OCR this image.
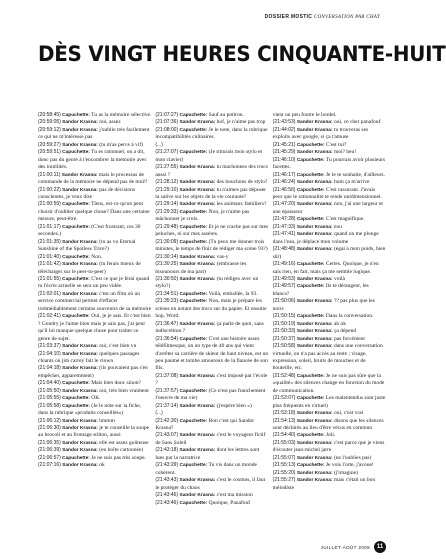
DOSSIER MOSTIC CONVERSATION PAR CHAT
DÈS VINGT HEURES CINQUANTE-HUIT

(20:58:45) Capuchette: Tu as la mémoire sélective.

(20:59:05) Sandor Krasna: oui, assez

(20:59:12) Sandor Krasna: j'oublie très facilement ce qui ne m'intéresse pas

(20:59:27) Sandor Krasna: (tu m'as perce à vif)

(20:59:51) Capuchette: Tu es rationnel, on a dit, donc pas du genre à t'encombrer la mémoire avec des inutilités.

(21:00:11) Sandor Krasna: mais le processus de commande de la mémoire ne dépend pas de moi!!

(21:00:22) Sandor Krasna: pas de décisions conscientes, je veux dire

(21:00:59) Capuchette: Tiens, est-ce qu'on peut choisir d'oublier quelque chose? Dans une certaine mesure, peut-être.

(21:01:17) Capuchette: (C'est frustrant, ces 30 secondes.)

(21:01:35) Sandor Krasna: (tu as vu Eternal Sunshine of the Spotless Trice?)

(21:01:40) Capuchette: Non.

(21:01:42) Sandor Krasna: (tu ferais mieux de télécharger sur le peer-to-peer)

(21:01:55) Capuchette: C'est ce que je ferai quand tu l'écrie actuelle se sera un peu vidée.

(21:02:01) Sandor Krasna: c'est un film où un service commercial permet d'effacer irrémédiablement certains souvenirs de sa mémoire

(21:02:41) Capuchette: Oui, je je sais. Et c'est bien ? Gondry je l'aime bien mais je sais pas, j'ai peur qu'il lui manque quelque chose pour traiter ce genre de sujet.

(21:03:37) Sandor Krasna: oui, c'est bien vu

(21:04:10) Sandor Krasna: quelques passages chiants où jim carrey fait le clown

(21:04:18) Sandor Krasna: (ils pouvaient pas s'en empêcher, apparemment)

(21:04:40) Capuchette: Mais bien donc sinon?

(21:05:50) Sandor Krasna: oui, très bien vraiment

(21:05:55) Capuchette: OK.

(21:05:58) Capuchette: (Je le note sur la fiche, dans la rubrique «produits conseillés»)

(21:06:12) Sandor Krasna: hmmm

(21:06:30) Sandor Krasna: je te conseille la soupe au brocoli et au fromage stilton, aussi

(21:06:35) Sandor Krasna: elle est assez goûteuse

(21:06:39) Sandor Krasna: (en boîte cartonnée)

(21:06:57) Capuchette: Je ne suis pas très soupe.

(21:07:16) Sandor Krasna: ok

(21:07:27) Capuchette: Sauf au potiron.

(21:07:36) Sandor Krasna: bof, je n'aime pas trop

(21:08:00) Capuchette: Je le note, dans la rubrique incompatibilités culinaires.

(...)

(21:27:07) Capuchette: (Je triturais mon stylo et mon clavier)

(21:27:55) Sandor Krasna: tu machonnes des trucs aussi ?

(21:28:12) Sandor Krasna: des bouchons de stylo?

(21:29:10) Sandor Krasna: tu n'aimes pas déposer ta salive sur les objets de la vie courante?

(21:29:14) Sandor Krasna: les animaux familiers?

(21:29:33) Capuchette: Non, je n'aime pas mâchonner je crois.

(21:29:48) Capuchette: Et je ne crache pas sur mes peluches, ni sur mes asséres.

(21:30:09) Capuchette: (Tu peux me donner trois minutes, le temps de finir de rédiger ma scène 93?)

(21:30:14) Sandor Krasna: vas-y

(21:30:25) Sandor Krasna: (embrasse tes bisounours de ma part)

(21:30:50) Sandor Krasna: (tu rédiges avec un stylo?)

(21:34:51) Capuchette: Voilà, emballée, la 93.

(21:35:23) Capuchette: Non, mais je prépare les scènes en notant des trucs sur du papier. Et ensuite hop, Word.

(21:36:47) Sandor Krasna: ça parle de quoi, sans indiscrétion ?

(21:36:54) Capuchette: C'est une histoire assez téléfilmesque, un un type de 40 ans qui vient d'arrêter sa carrière de skieur de haut niveau, est un peu paumé et tombe amoureux de la fiancée de son fils.

(21:37:08) Sandor Krasna: c'est imposé par l'école ?

(21:37:57) Capuchette: (Ce n'est pas franchement l'oeuvre de ma vie)

(21:37:14) Sandor Krasna: (j'espère bien »)

(...)

(21:42:30) Capuchette: Bon c'est qui Sandor Krasna?

(21:43:07) Sandor Krasna: c'est le voyageur fictif de Sans Soleil

(21:43:18) Sandor Krasna: dont les lettres sont lues par la narratrice

(21:43:29) Capuchette: Tu vis dans un monde cohérent.

(21:43:43) Sandor Krasna: c'est le cosmos, il faut le protéger du chaos

(21:43:46) Sandor Krasna: c'est ma mission

(21:43:46) Capuchette: Quoique, Panafouf

vient un peu foutre le bordel.

(21:43:53) Sandor Krasna: oui, ce cher panafouf

(21:44:02) Sandor Krasna: tu trouveras ses exploits avec google, si ça t'amuse

(21:45:21) Capuchette: C'est toi?

(21:45:29) Sandor Krasna: moi? heu!

(21:46:10) Capuchette: Tu pourrais avoir plusieurs facettes.

(21:46:17) Capuchette: Je le te souhaite, d'ailleurs.

(21:46:24) Sandor Krasna: hum ça m'arrive

(21:46:56) Capuchette: C'est rassurant. J'avais peur que le rationnalité te rende unidimensionnel.

(21:47:20) Sandor Krasna: non, j'ai une largeur et une épaisseur

(21:47:28) Capuchette: C'est magnifique.

(21:47:33) Sandor Krasna: euu

(21:47:41) Sandor Krasna: quand on me plonge dans l'eau, je déplace mon volume

(21:48:48) Sandor Krasna: (égal à mon poids, bien sûr)

(21:49:16) Capuchette: Certes. Quoique, je n'en sais rien, en fait, mais ça me semble logique.

(21:49:53) Sandor Krasna: voilà

(21:49:57) Capuchette: Ils te dérangent, les blancs?

(21:50:06) Sandor Krasna: ?? pas plus que les noirs

(21:50:15) Capuchette: Dans la conversation.

(21:50:19) Sandor Krasna: ah ok

(21:50:33) Sandor Krasna: ça dépend

(21:50:37) Sandor Krasna: pas forcément

(21:50:58) Sandor Krasna: dans une conversation virtuelle, on n'a pas accès au reste ; visage, expression, soleil, bruits de mouches et de bouteille, etc.

(21:52:48) Capuchette: Je ne suis pas sûre que la «qualité» des silences change en fonction du mode de communication.

(21:53:07) Capuchette: Les malentendus sont juste plus fréquents en virtuel)

(21:53:18) Sandor Krasna: oui, c'est vrai

(21:54:13) Sandor Krasna: disons que les silences sont déchirés au lieu d'être vécus en commun

(21:54:40) Capuchette: Joli.

(21:55:03) Sandor Krasna: c'est parce que je viens d'écouter jean-michel jarre

(21:55:07) Sandor Krasna: (ne l'oublies pas)

(21:55:13) Capuchette: Je vois l'orte, j'avoue!

(21:55:20) Sandor Krasna: (j'imagine)

(21:55:27) Sandor Krasna: mais c'était un bon mélodiste

JUILLET-AOÛT 2008	11
